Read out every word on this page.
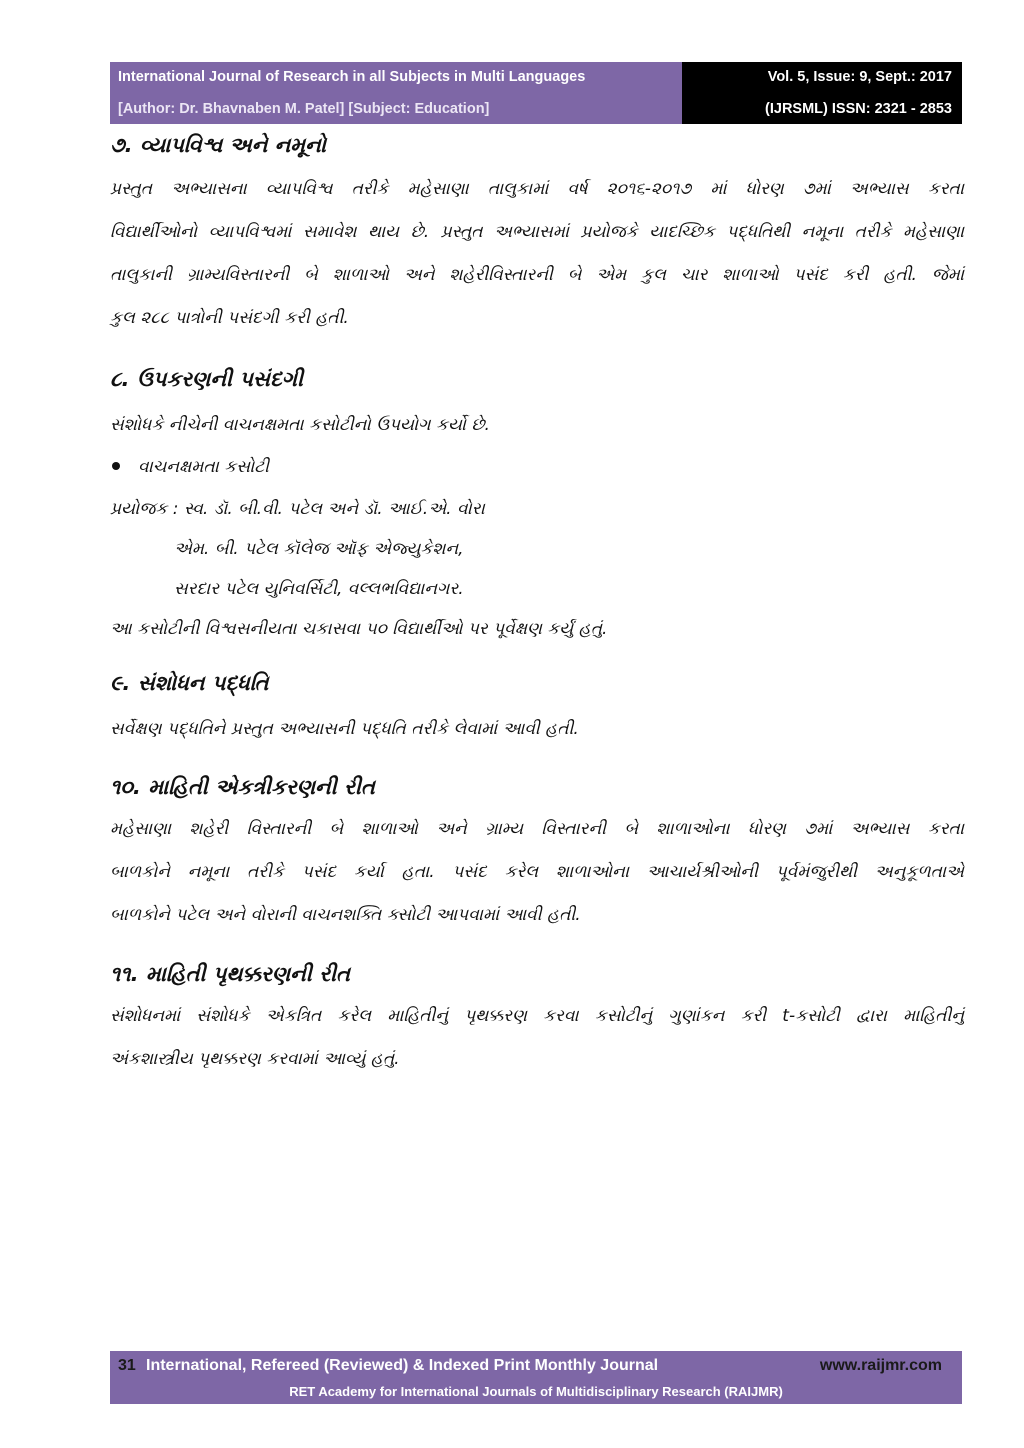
International Journal of Research in all Subjects in Multi Languages
[Author: Dr. Bhavnaben M. Patel] [Subject: Education]
Vol. 5, Issue: 9, Sept.: 2017
(IJRSML) ISSN: 2321 - 2853
૭. વ્યાપવિશ્વ અને નમૂનો

પ્રસ્તુત અભ્યાસના વ્યાપવિશ્વ તરીકે મહેસાણા તાલુકામાં વર્ષ ૨૦૧૬-૨૦૧૭ માં ધોરણ ૭માં અભ્યાસ કરતા

વિદ્યાર્થીઓનો વ્યાપવિશ્વમાં સમાવેશ થાય છે. પ્રસ્તુત અભ્યાસમાં પ્રયોજકે યાદચ્છિક પદ્ધતિથી નમૂના તરીકે મહેસાણા

તાલુકાની ગ્રામ્યવિસ્તારની બે શાળાઓ અને શહેરીવિસ્તારની બે એમ કુલ ચાર શાળાઓ પસંદ કરી હતી. જેમાં

કુલ ૨૮૮ પાત્રોની પસંદગી કરી હતી.

૮. ઉપકરણની પસંદગી

સંશોધકે નીચેની વાચનક્ષમતા કસોટીનો ઉપયોગ કર્યો છે.

વાચનક્ષમતા કસોટી

પ્રયોજક : સ્વ. ડૉ. બી.વી. પટેલ અને ડૉ. આઈ.એ. વોરા

એમ. બી. પટેલ કૉલેજ ઑફ એજ્યુકેશન,

સરદાર પટેલ યુનિવર્સિટી, વલ્લભવિદ્યાનગર.

આ કસોટીની વિશ્વસનીયતા ચકાસવા ૫૦ વિદ્યાર્થીઓ પર પૂર્વેક્ષણ કર્યું હતું.

૯. સંશોધન પદ્ધતિ

સર્વેક્ષણ પદ્ધતિને પ્રસ્તુત અભ્યાસની પદ્ધતિ તરીકે લેવામાં આવી હતી.

૧૦. માહિતી એકત્રીકરણની રીત

મહેસાણા શહેરી વિસ્તારની બે શાળાઓ અને ગ્રામ્ય વિસ્તારની બે શાળાઓના ધોરણ ૭માં અભ્યાસ કરતા

બાળકોને નમૂના તરીકે પસંદ કર્યા હતા. પસંદ કરેલ શાળાઓના આચાર્યશ્રીઓની પૂર્વમંજુરીથી અનુકૂળતાએ

બાળકોને પટેલ અને વોરાની વાચનશક્તિ ક્સોટી આપવામાં આવી હતી.

૧૧. માહિતી પૃથક્કરણની રીત

સંશોધનમાં સંશોધકે એકત્રિત કરેલ માહિતીનું પૃથક્કરણ કરવા કસોટીનું ગુણાંકન કરી t-કસોટી દ્વારા માહિતીનું

અંકશાસ્ત્રીય પૃથક્કરણ કરવામાં આવ્યું હતું.

31 International, Refereed (Reviewed) & Indexed Print Monthly Journal	www.raijmr.com
RET Academy for International Journals of Multidisciplinary Research (RAIJMR)
